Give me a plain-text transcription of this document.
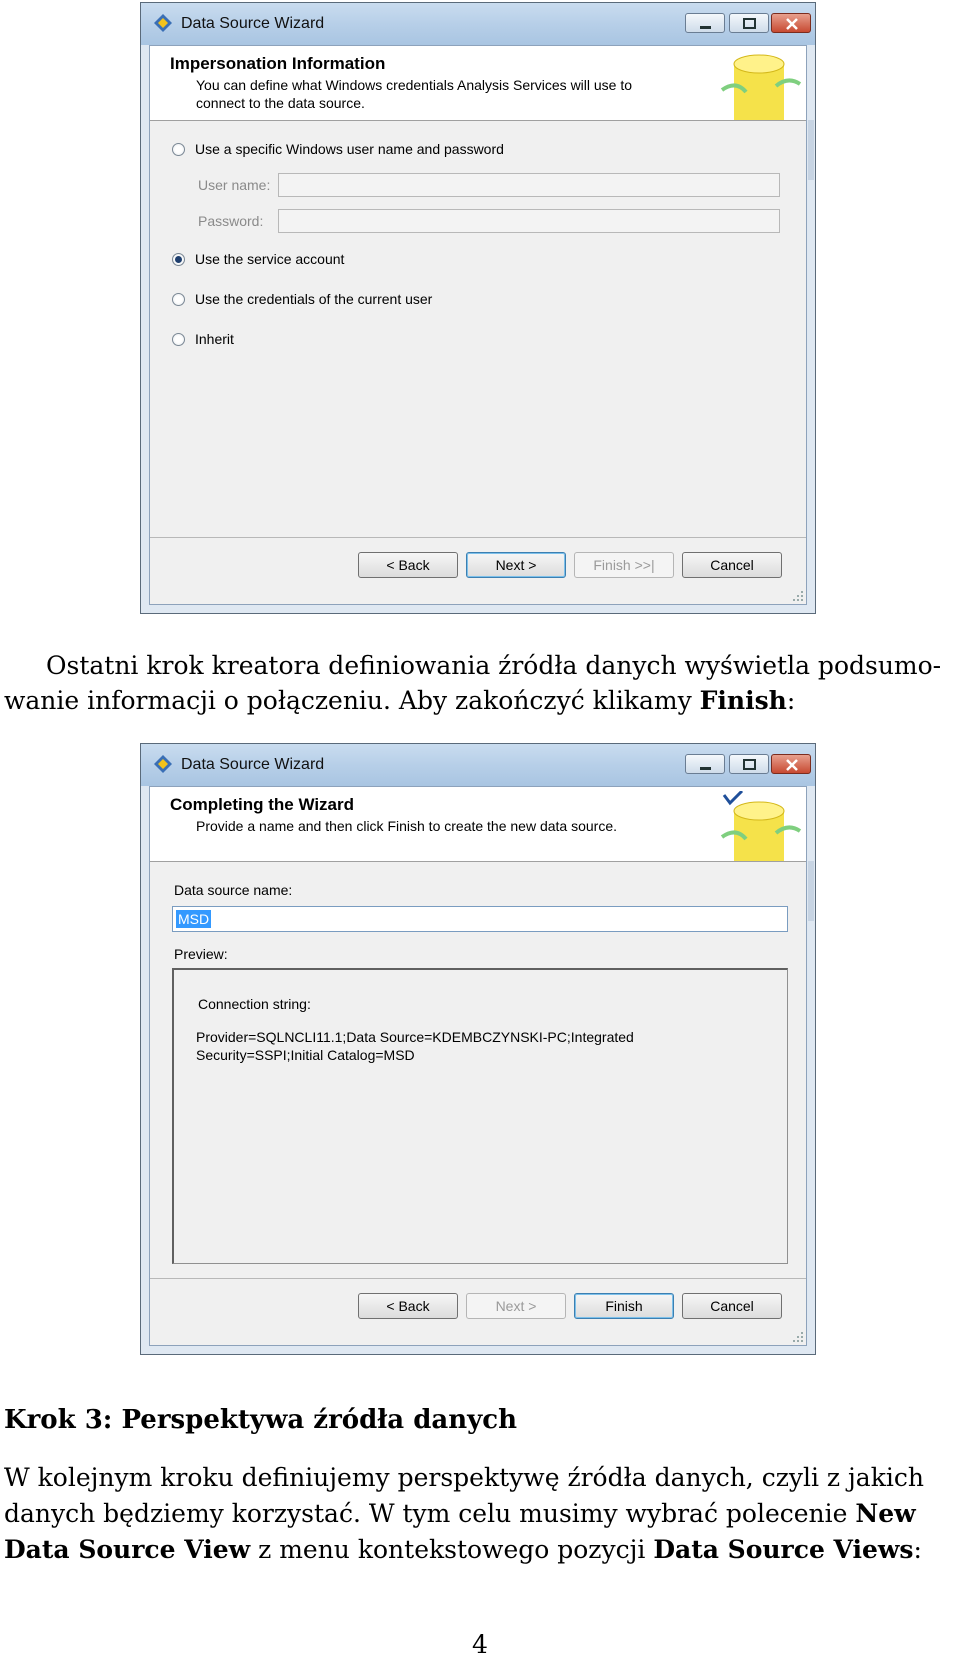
Data Source Wizard
Impersonation Information
You can define what Windows credentials Analysis Services will use to connect to the data source.
Use a specific Windows user name and password
User name:
Password:
Use the service account
Use the credentials of the current user
Inherit
< Back	Next >	Finish >>|	Cancel
Ostatni krok kreatora definiowania źródła danych wyświetla podsumo-
wanie informacji o połączeniu. Aby zakończyć klikamy Finish:
Data Source Wizard
Completing the Wizard
Provide a name and then click Finish to create the new data source.
Data source name:
MSD
Preview:
Connection string:
Provider=SQLNCLI11.1;Data Source=KDEMBCZYNSKI-PC;Integrated Security=SSPI;Initial Catalog=MSD
< Back	Next >	Finish	Cancel
Krok 3: Perspektywa źródła danych
W kolejnym kroku definiujemy perspektywę źródła danych, czyli z jakich
danych będziemy korzystać. W tym celu musimy wybrać polecenie New
Data Source View z menu kontekstowego pozycji Data Source Views:
4
